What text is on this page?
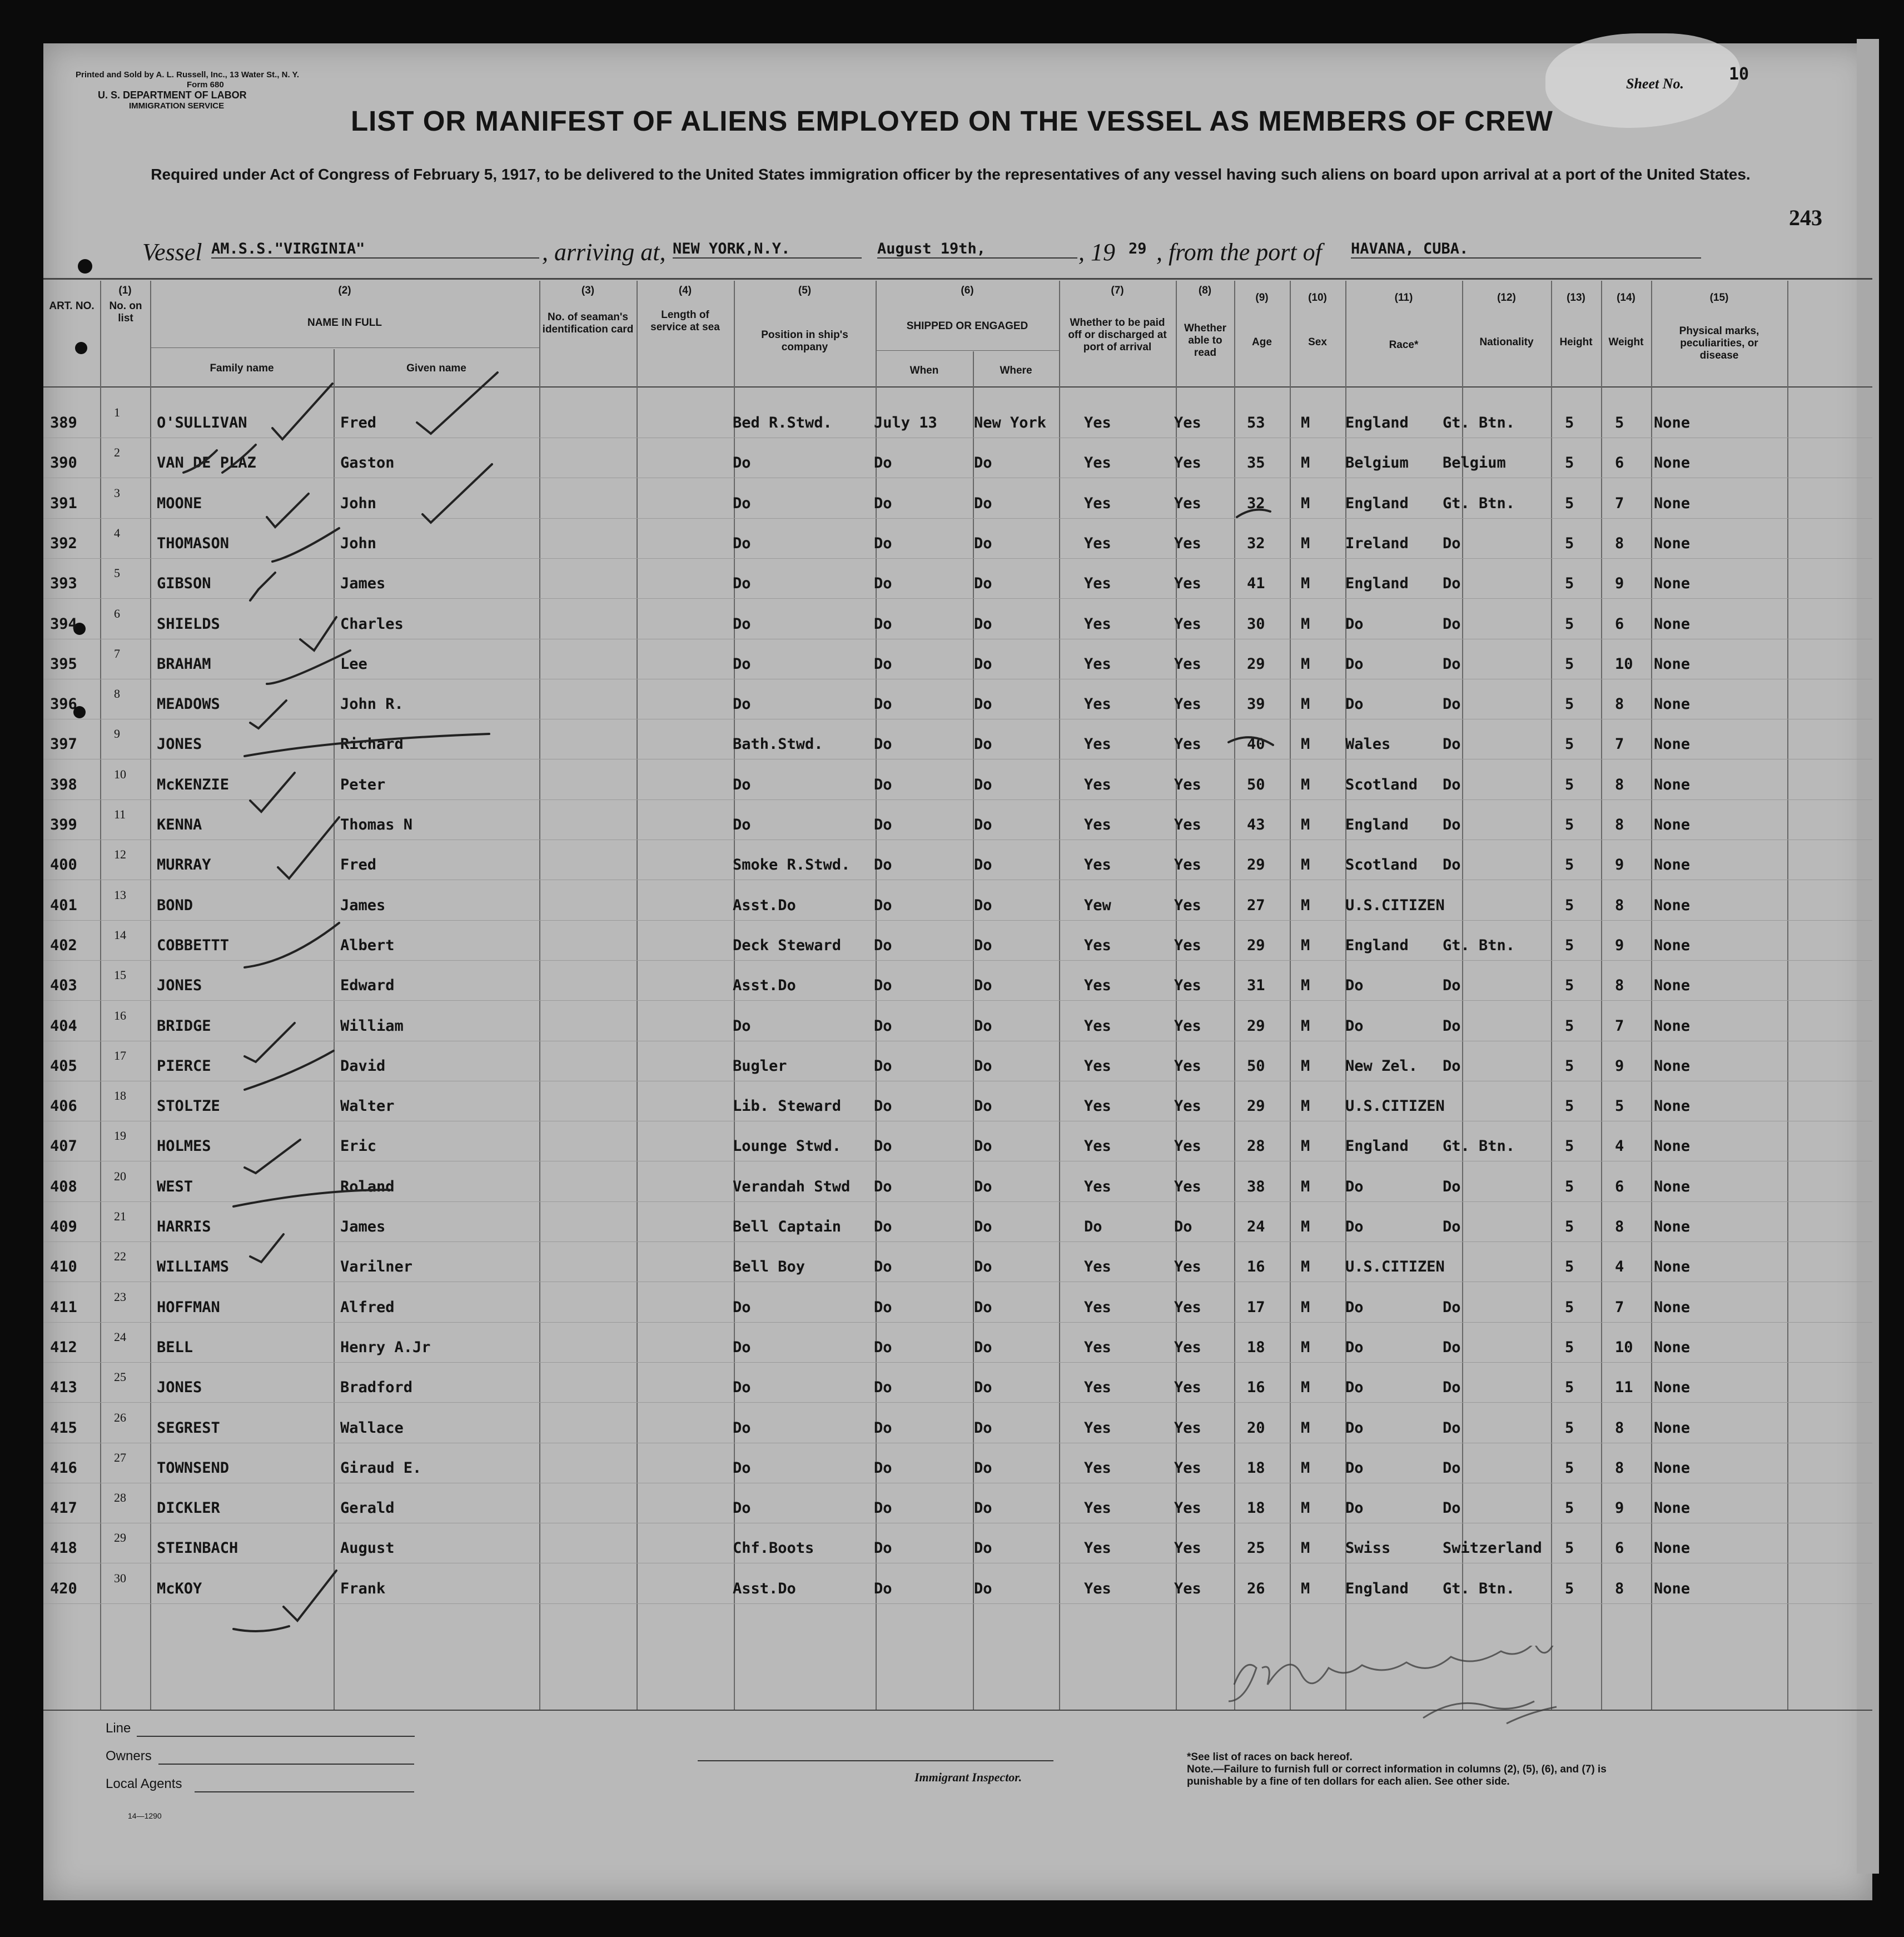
Printed and Sold by A. L. Russell, Inc., 13 Water St., N. Y.
Form 680
U. S. DEPARTMENT OF LABOR
IMMIGRATION SERVICE
Sheet No.	10
LIST OR MANIFEST OF ALIENS EMPLOYED ON THE VESSEL AS MEMBERS OF CREW
Required under Act of Congress of February 5, 1917, to be delivered to the United States immigration officer by the representatives of any vessel having such aliens on board upon arrival at a port of the United States.
243
Vessel AM.S.S."VIRGINIA"	, arriving at, NEW YORK,N.Y.	August 19th,	, 19 29 , from the port of HAVANA, CUBA.
ART. NO.
(1)
No. on list
(2)
NAME IN FULL
Family name	Given name
(3)
No. of seaman's identification card
(4)
Length of service at sea
(5)
Position in ship's company
(6)
SHIPPED OR ENGAGED
When	Where
(7)
Whether to be paid off or discharged at port of arrival
(8)
Whether able to read
(9)
Age
(10)
Sex
(11)
Race*
(12)
Nationality
(13)
Height
(14)
Weight
(15)
Physical marks, peculiarities, or disease
389
1
O'SULLIVAN	Fred	Bed R.Stwd.	July 13 New York	Yes	Yes	53 M England Gt. Btn.	5	5 None
390
2
VAN DE PLAZ	Gaston	Do	Do	Do	Yes	Yes	35 M Belgium Belgium	5	6 None
391
3
MOONE	John	Do	Do	Do	Yes	Yes	32 M England Gt. Btn.	5	7 None
392
4
THOMASON	John	Do	Do	Do	Yes	Yes	32 M Ireland Do	5	8 None
393
5
GIBSON	James	Do	Do	Do	Yes	Yes	41 M England Do	5	9 None
394
6
SHIELDS	Charles	Do	Do	Do	Yes	Yes	30 M Do	Do	5	6 None
395
7
BRAHAM	Lee	Do	Do	Do	Yes	Yes	29 M Do	Do	5	10 None
396
8
MEADOWS	John R.	Do	Do	Do	Yes	Yes	39 M Do	Do	5	8 None
397
9
JONES	Richard	Bath.Stwd.	Do	Do	Yes	Yes	40 M Wales	Do	5	7 None
398
10
McKENZIE	Peter	Do	Do	Do	Yes	Yes	50 M Scotland Do	5	8 None
399
11
KENNA	Thomas N	Do	Do	Do	Yes	Yes	43 M England Do	5	8 None
400
12
MURRAY	Fred	Smoke R.Stwd. Do	Do	Yes	Yes	29 M Scotland Do	5	9 None
401
13
BOND	James	Asst.Do	Do	Do	Yew	Yes	27 M U.S.CITIZEN	5	8 None
402
14
COBBETTT	Albert	Deck Steward Do	Do	Yes	Yes	29 M England Gt. Btn.	5	9 None
403
15
JONES	Edward	Asst.Do	Do	Do	Yes	Yes	31 M Do	Do	5	8 None
404
16
BRIDGE	William	Do	Do	Do	Yes	Yes	29 M Do	Do	5	7 None
405
17
PIERCE	David	Bugler	Do	Do	Yes	Yes	50 M New Zel. Do	5	9 None
406
18
STOLTZE	Walter	Lib. Steward Do	Do	Yes	Yes	29 M U.S.CITIZEN	5	5 None
407
19
HOLMES	Eric	Lounge Stwd. Do	Do	Yes	Yes	28 M England Gt. Btn.	5	4 None
408
20
WEST	Roland	Verandah Stwd Do	Do	Yes	Yes	38 M Do	Do	5	6 None
409
21
HARRIS	James	Bell Captain Do	Do	Do	Do	24 M Do	Do	5	8 None
410
22
WILLIAMS	Varilner	Bell Boy	Do	Do	Yes	Yes	16 M U.S.CITIZEN	5	4 None
411
23
HOFFMAN	Alfred	Do	Do	Do	Yes	Yes	17 M Do	Do	5	7 None
412
24
BELL	Henry A.Jr	Do	Do	Do	Yes	Yes	18 M Do	Do	5	10 None
413
25
JONES	Bradford	Do	Do	Do	Yes	Yes	16 M Do	Do	5	11 None
415
26
SEGREST	Wallace	Do	Do	Do	Yes	Yes	20 M Do	Do	5	8 None
416
27
TOWNSEND	Giraud E.	Do	Do	Do	Yes	Yes	18 M Do	Do	5	8 None
417
28
DICKLER	Gerald	Do	Do	Do	Yes	Yes	18 M Do	Do	5	9 None
418
29
STEINBACH	August	Chf.Boots	Do	Do	Yes	Yes	25 M Swiss	Switzerland 5	6 None
420
30
McKOY	Frank	Asst.Do	Do	Do	Yes	Yes	26 M England Gt. Btn.	5	8 None
Line
Owners
Local Agents
14—1290
Immigrant Inspector.
*See list of races on back hereof.
Note.—Failure to furnish full or correct information in columns (2), (5), (6), and (7) is punishable by a fine of ten dollars for each alien. See other side.
